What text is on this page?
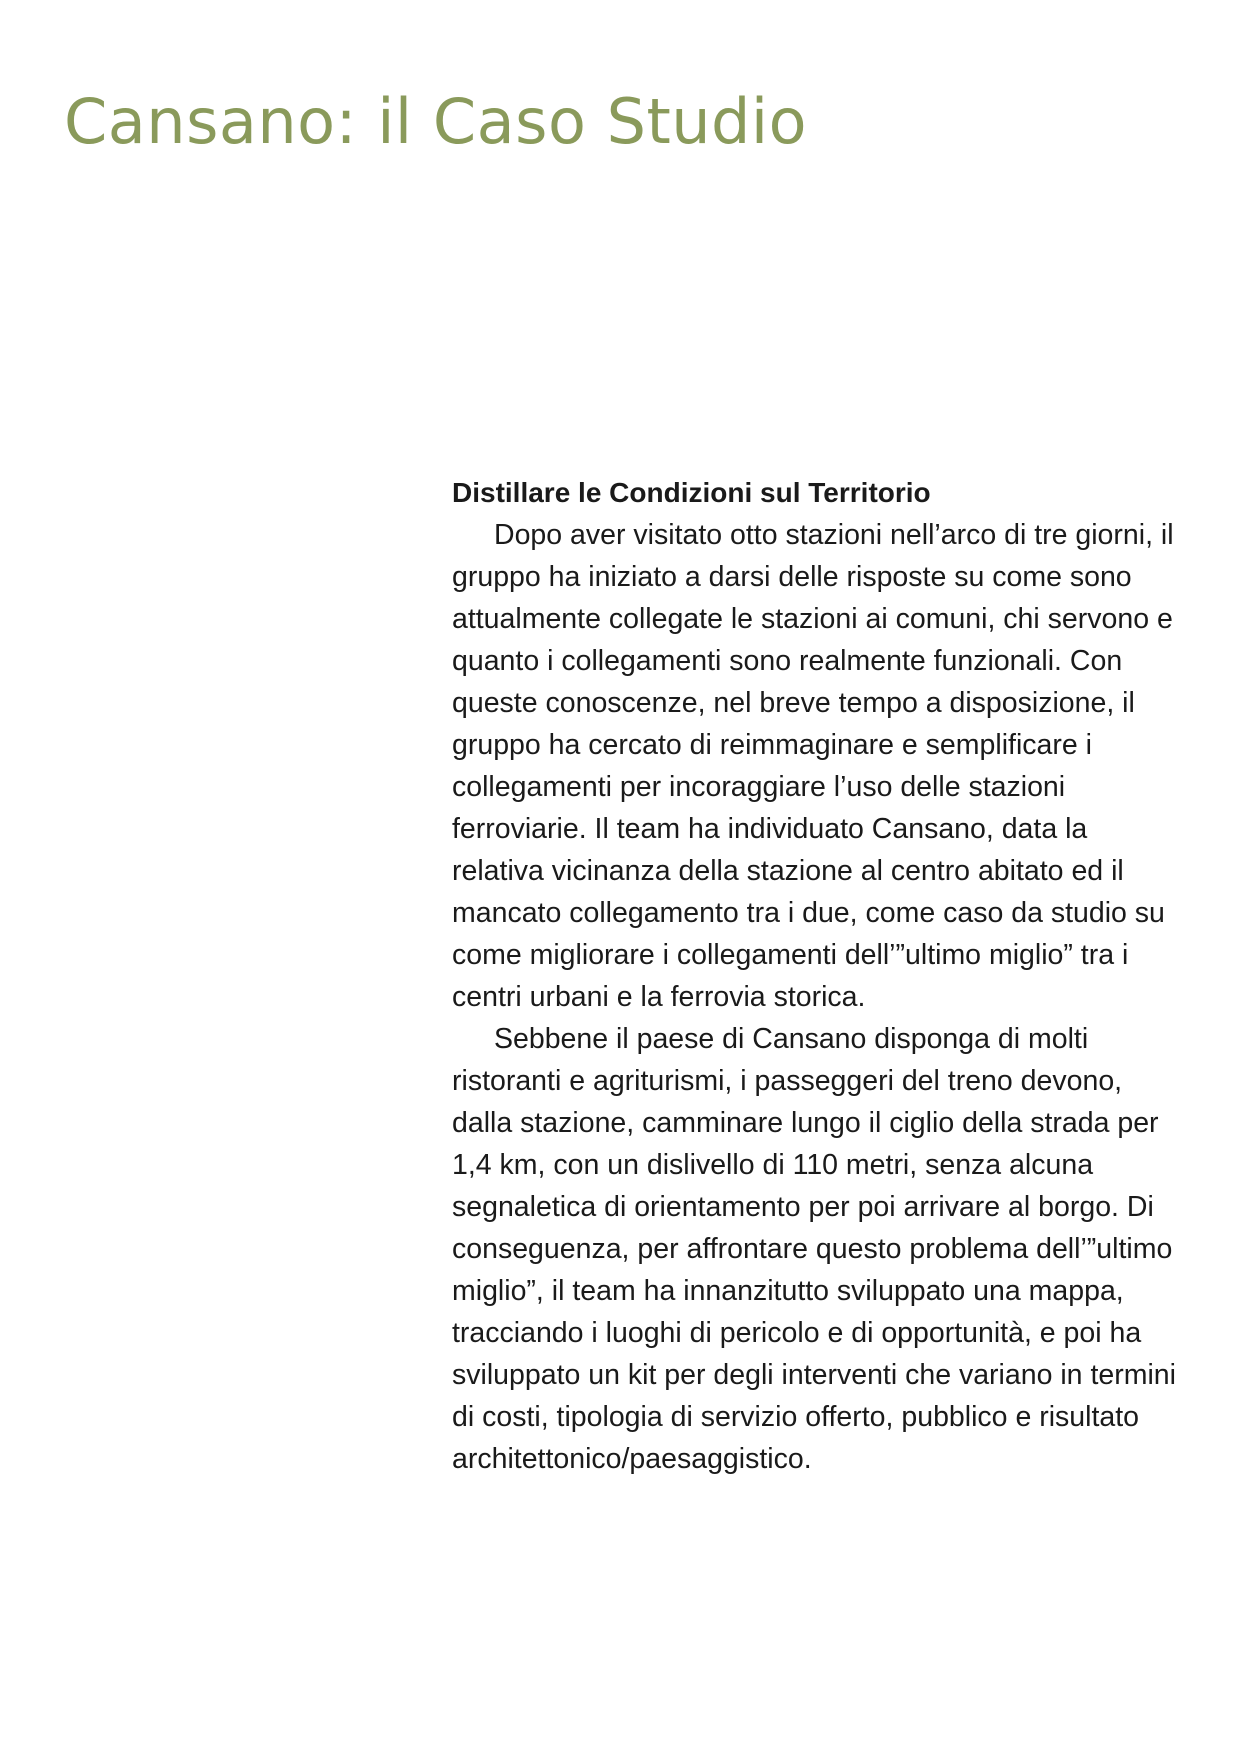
Cansano: il Caso Studio
Distillare le Condizioni sul Territorio

Dopo aver visitato otto stazioni nell’arco di tre giorni, il gruppo ha iniziato a darsi delle risposte su come sono attualmente collegate le stazioni ai comuni, chi servono e quanto i collegamenti sono realmente funzionali. Con queste conoscenze, nel breve tempo a disposizione, il gruppo ha cercato di reimmaginare e semplificare i collegamenti per incoraggiare l’uso delle stazioni ferroviarie. Il team ha individuato Cansano, data la relativa vicinanza della stazione al centro abitato ed il mancato collegamento tra i due, come caso da studio su come migliorare i collegamenti dell’”ultimo miglio” tra i centri urbani e la ferrovia storica.

Sebbene il paese di Cansano disponga di molti ristoranti e agriturismi, i passeggeri del treno devono, dalla stazione, camminare lungo il ciglio della strada per 1,4 km, con un dislivello di 110 metri, senza alcuna segnaletica di orientamento per poi arrivare al borgo. Di conseguenza, per affrontare questo problema dell’”ultimo miglio”, il team ha innanzitutto sviluppato una mappa, tracciando i luoghi di pericolo e di opportunità, e poi ha sviluppato un kit per degli interventi che variano in termini di costi, tipologia di servizio offerto, pubblico e risultato architettonico/paesaggistico.
